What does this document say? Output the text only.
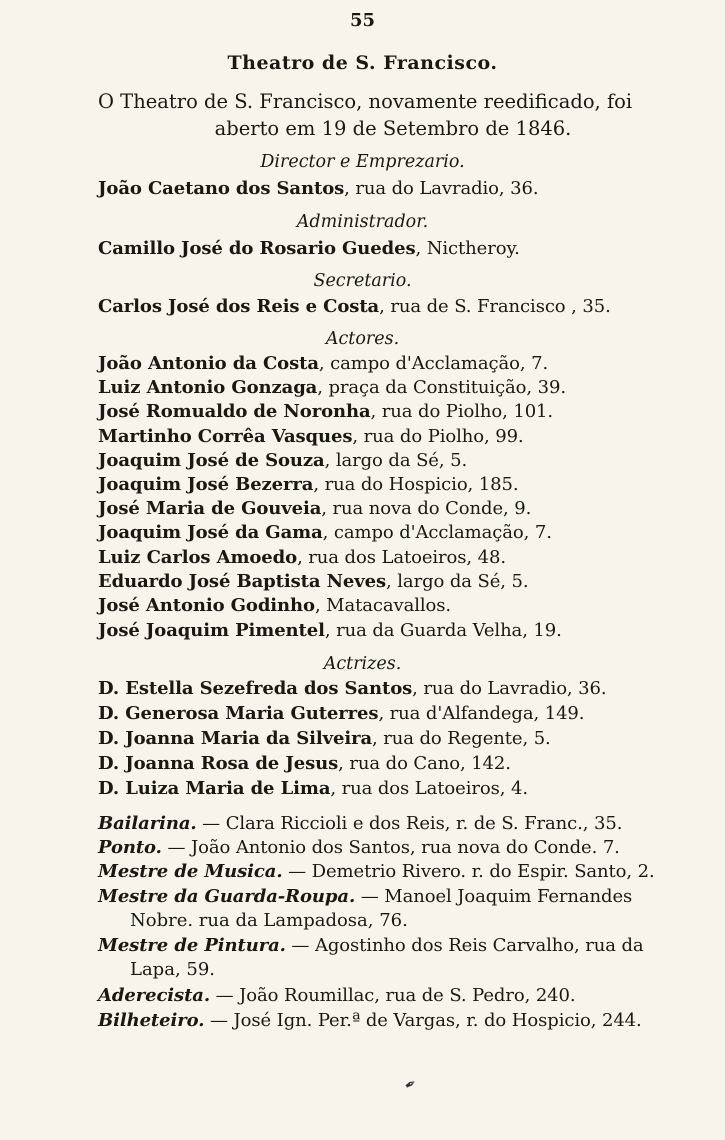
55
Theatro de S. Francisco.
O Theatro de S. Francisco, novamente reedificado, foi
aberto em 19 de Setembro de 1846.
Director e Emprezario.
João Caetano dos Santos, rua do Lavradio, 36.
Administrador.
Camillo José do Rosario Guedes, Nictheroy.
Secretario.
Carlos José dos Reis e Costa, rua de S. Francisco , 35.
Actores.
João Antonio da Costa, campo d'Acclamação, 7.
Luiz Antonio Gonzaga, praça da Constituição, 39.
José Romualdo de Noronha, rua do Piolho, 101.
Martinho Corrêa Vasques, rua do Piolho, 99.
Joaquim José de Souza, largo da Sé, 5.
Joaquim José Bezerra, rua do Hospicio, 185.
José Maria de Gouveia, rua nova do Conde, 9.
Joaquim José da Gama, campo d'Acclamação, 7.
Luiz Carlos Amoedo, rua dos Latoeiros, 48.
Eduardo José Baptista Neves, largo da Sé, 5.
José Antonio Godinho, Matacavallos.
José Joaquim Pimentel, rua da Guarda Velha, 19.
Actrizes.
D. Estella Sezefreda dos Santos, rua do Lavradio, 36.
D. Generosa Maria Guterres, rua d'Alfandega, 149.
D. Joanna Maria da Silveira, rua do Regente, 5.
D. Joanna Rosa de Jesus, rua do Cano, 142.
D. Luiza Maria de Lima, rua dos Latoeiros, 4.
Bailarina. — Clara Riccioli e dos Reis, r. de S. Franc., 35.
Ponto. — João Antonio dos Santos, rua nova do Conde. 7.
Mestre de Musica. — Demetrio Rivero. r. do Espir. Santo, 2.
Mestre da Guarda-Roupa. — Manoel Joaquim Fernandes
Nobre. rua da Lampadosa, 76.
Mestre de Pintura. — Agostinho dos Reis Carvalho, rua da
Lapa, 59.
Aderecista. — João Roumillac, rua de S. Pedro, 240.
Bilheteiro. — José Ign. Per.ª de Vargas, r. do Hospicio, 244.
✒
